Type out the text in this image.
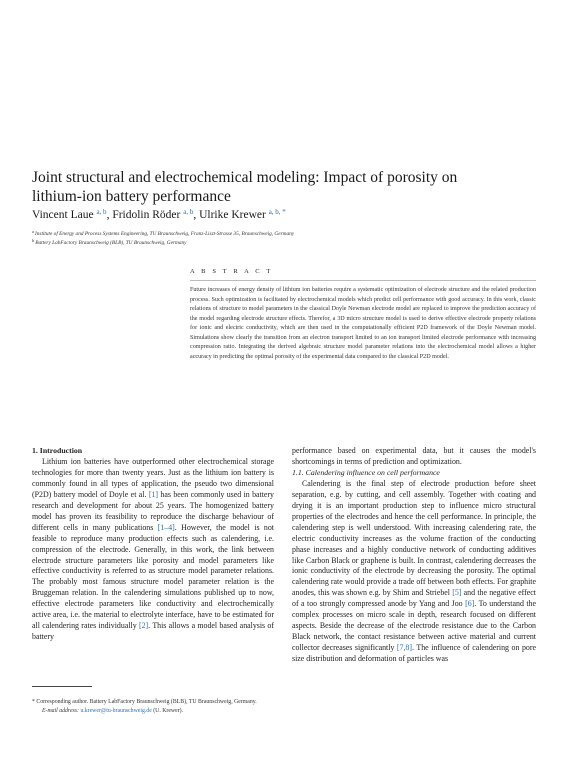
Joint structural and electrochemical modeling: Impact of porosity on lithium-ion battery performance
Vincent Laue $^{a, b}$, Fridolin Röder $^{a, b}$, Ulrike Krewer $^{a, b, *}$
$^a$Institute of Energy and Process Systems Engineering, TU Braunschweig, Franz-Liszt-Strasse 35, Braunschweig, Germany
$^b$Battery LabFactory Braunschweig (BLB), TU Braunschweig, Germany
A B S T R A C T
Future increases of energy density of lithium ion batteries require a systematic optimization of electrode structure and the related production process. Such optimization is facilitated by electrochemical models which predict cell performance with good accuracy. In this work, classic relations of structure to model parameters in the classical Doyle Newman electrode model are replaced to improve the prediction accuracy of the model regarding electrode structure effects. Therefor, a 3D micro structure model is used to derive effective electrode property relations for ionic and electric conductivity, which are then used in the computationally efficient P2D framework of the Doyle Newman model. Simulations show clearly the transition from an electron transport limited to an ion transport limited electrode performance with increasing compression ratio. Integrating the derived algebraic structure model parameter relations into the electrochemical model allows a higher accuracy in predicting the optimal porosity of the experimental data compared to the classical P2D model.

1. Introduction

Lithium ion batteries have outperformed other electrochemical storage technologies for more than twenty years. Just as the lithium ion battery is commonly found in all types of application, the pseudo two dimensional (P2D) battery model of Doyle et al. [1] has been commonly used in battery research and development for about 25 years. The homogenized battery model has proven its feasibility to reproduce the discharge behaviour of different cells in many publications [1–4]. However, the model is not feasible to reproduce many production effects such as calendering, i.e. compression of the electrode. Generally, in this work, the link between electrode structure parameters like porosity and model parameters like effective conductivity is referred to as structure model parameter relations. The probably most famous structure model parameter relation is the Bruggeman relation. In the calendering simulations published up to now, effective electrode parameters like conductivity and electrochemically active area, i.e. the material to electrolyte interface, have to be estimated for all calendering rates individually [2]. This allows a model based analysis of battery

performance based on experimental data, but it causes the model's shortcomings in terms of prediction and optimization.

1.1. Calendering influence on cell performance

Calendering is the final step of electrode production before sheet separation, e.g. by cutting, and cell assembly. Together with coating and drying it is an important production step to influence micro structural properties of the electrodes and hence the cell performance. In principle, the calendering step is well understood. With increasing calendering rate, the electric conductivity increases as the volume fraction of the conducting phase increases and a highly conductive network of conducting additives like Carbon Black or graphene is built. In contrast, calendering decreases the ionic conductivity of the electrode by decreasing the porosity. The optimal calendering rate would provide a trade off between both effects. For graphite anodes, this was shown e.g. by Shim and Striebel [5] and the negative effect of a too strongly compressed anode by Yang and Joo [6]. To understand the complex processes on micro scale in depth, research focused on different aspects. Beside the decrease of the electrode resistance due to the Carbon Black network, the contact resistance between active material and current collector decreases significantly [7,8]. The influence of calendering on pore size distribution and deformation of particles was

* Corresponding author. Battery LabFactory Braunschweig (BLB), TU Braunschweig, Germany.
E-mail address: u.krewer@tu-braunschweig.de (U. Krewer).
